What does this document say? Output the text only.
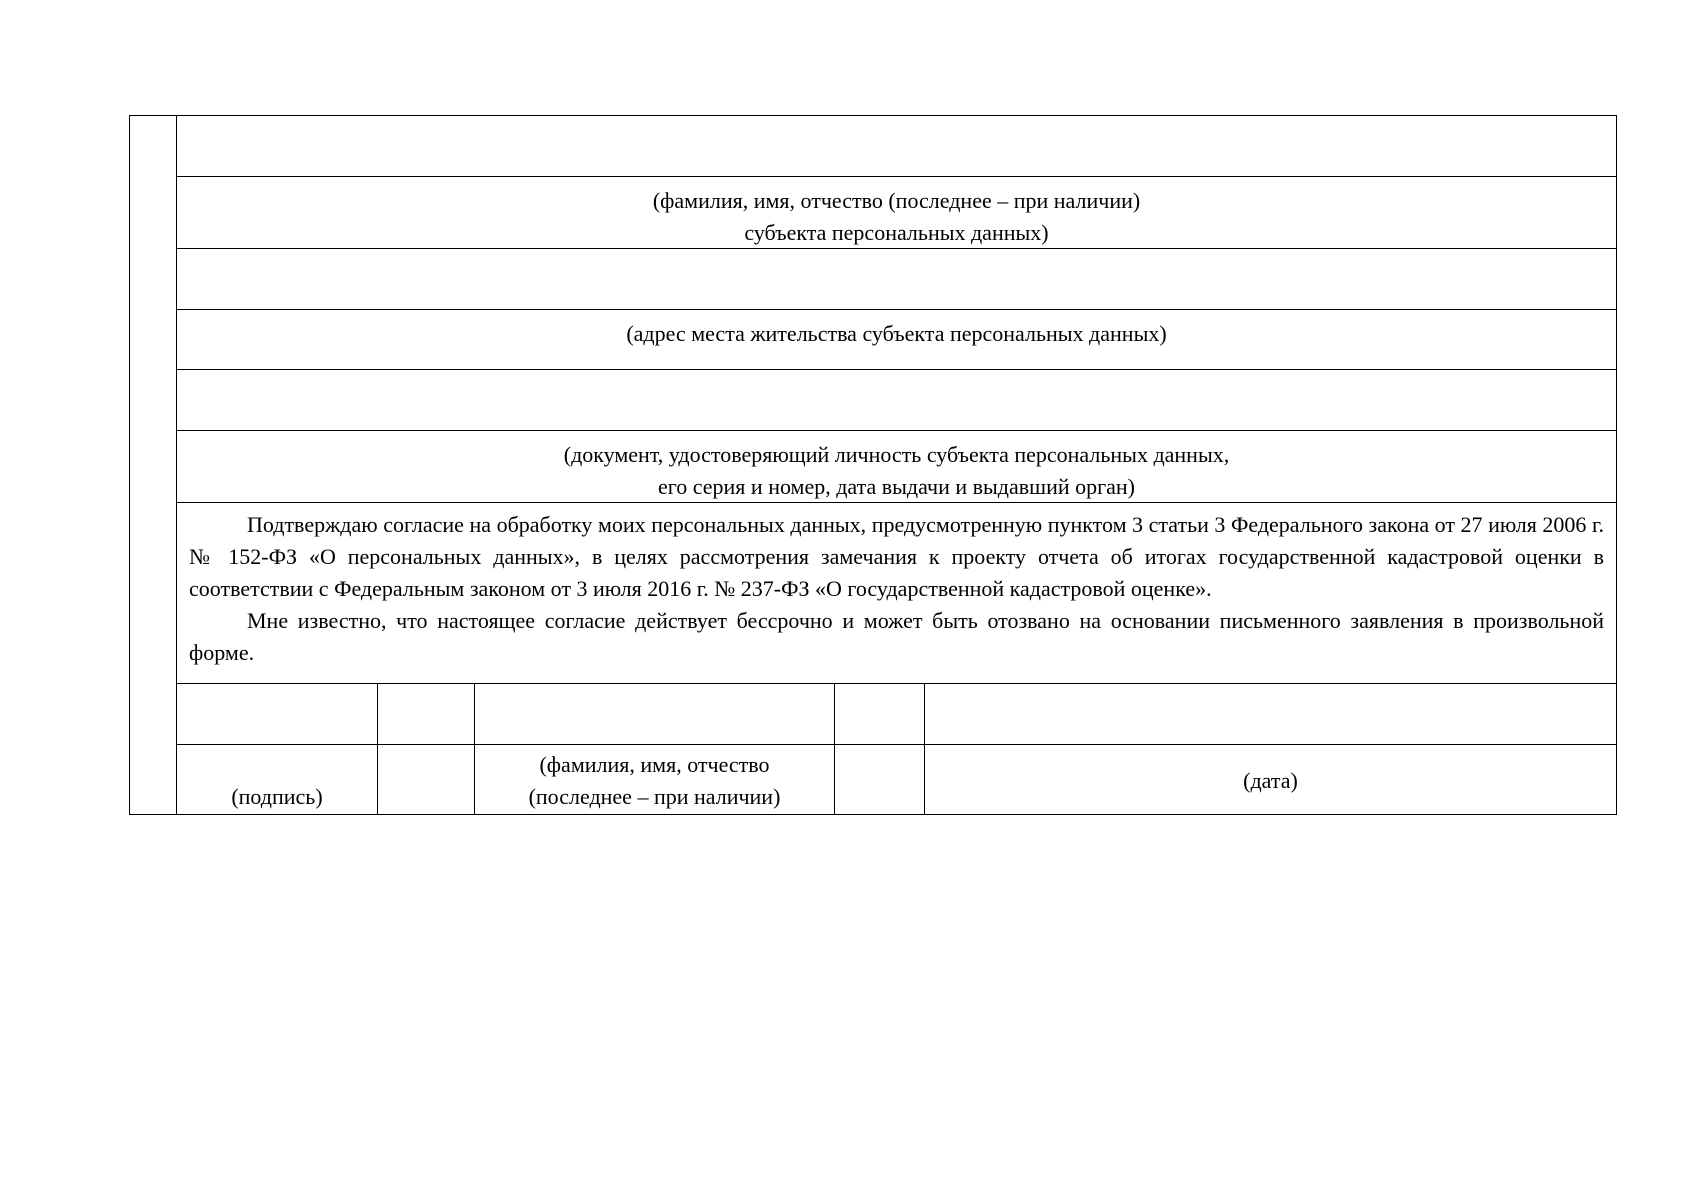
(фамилия, имя, отчество (последнее – при наличии)
субъекта персональных данных)
(адрес места жительства субъекта персональных данных)
(документ, удостоверяющий личность субъекта персональных данных,
его серия и номер, дата выдачи и выдавший орган)

Подтверждаю согласие на обработку моих персональных данных, предусмотренную пунктом 3 статьи 3 Федерального закона от 27 июля 2006 г. № 152-ФЗ «О персональных данных», в целях рассмотрения замечания к проекту отчета об итогах государственной кадастровой оценки в соответствии с Федеральным законом от 3 июля 2016 г. № 237-ФЗ «О государственной кадастровой оценке».

Мне известно, что настоящее согласие действует бессрочно и может быть отозвано на основании письменного заявления в произвольной форме.

(подпись)
(фамилия, имя, отчество
(последнее – при наличии)
(дата)
